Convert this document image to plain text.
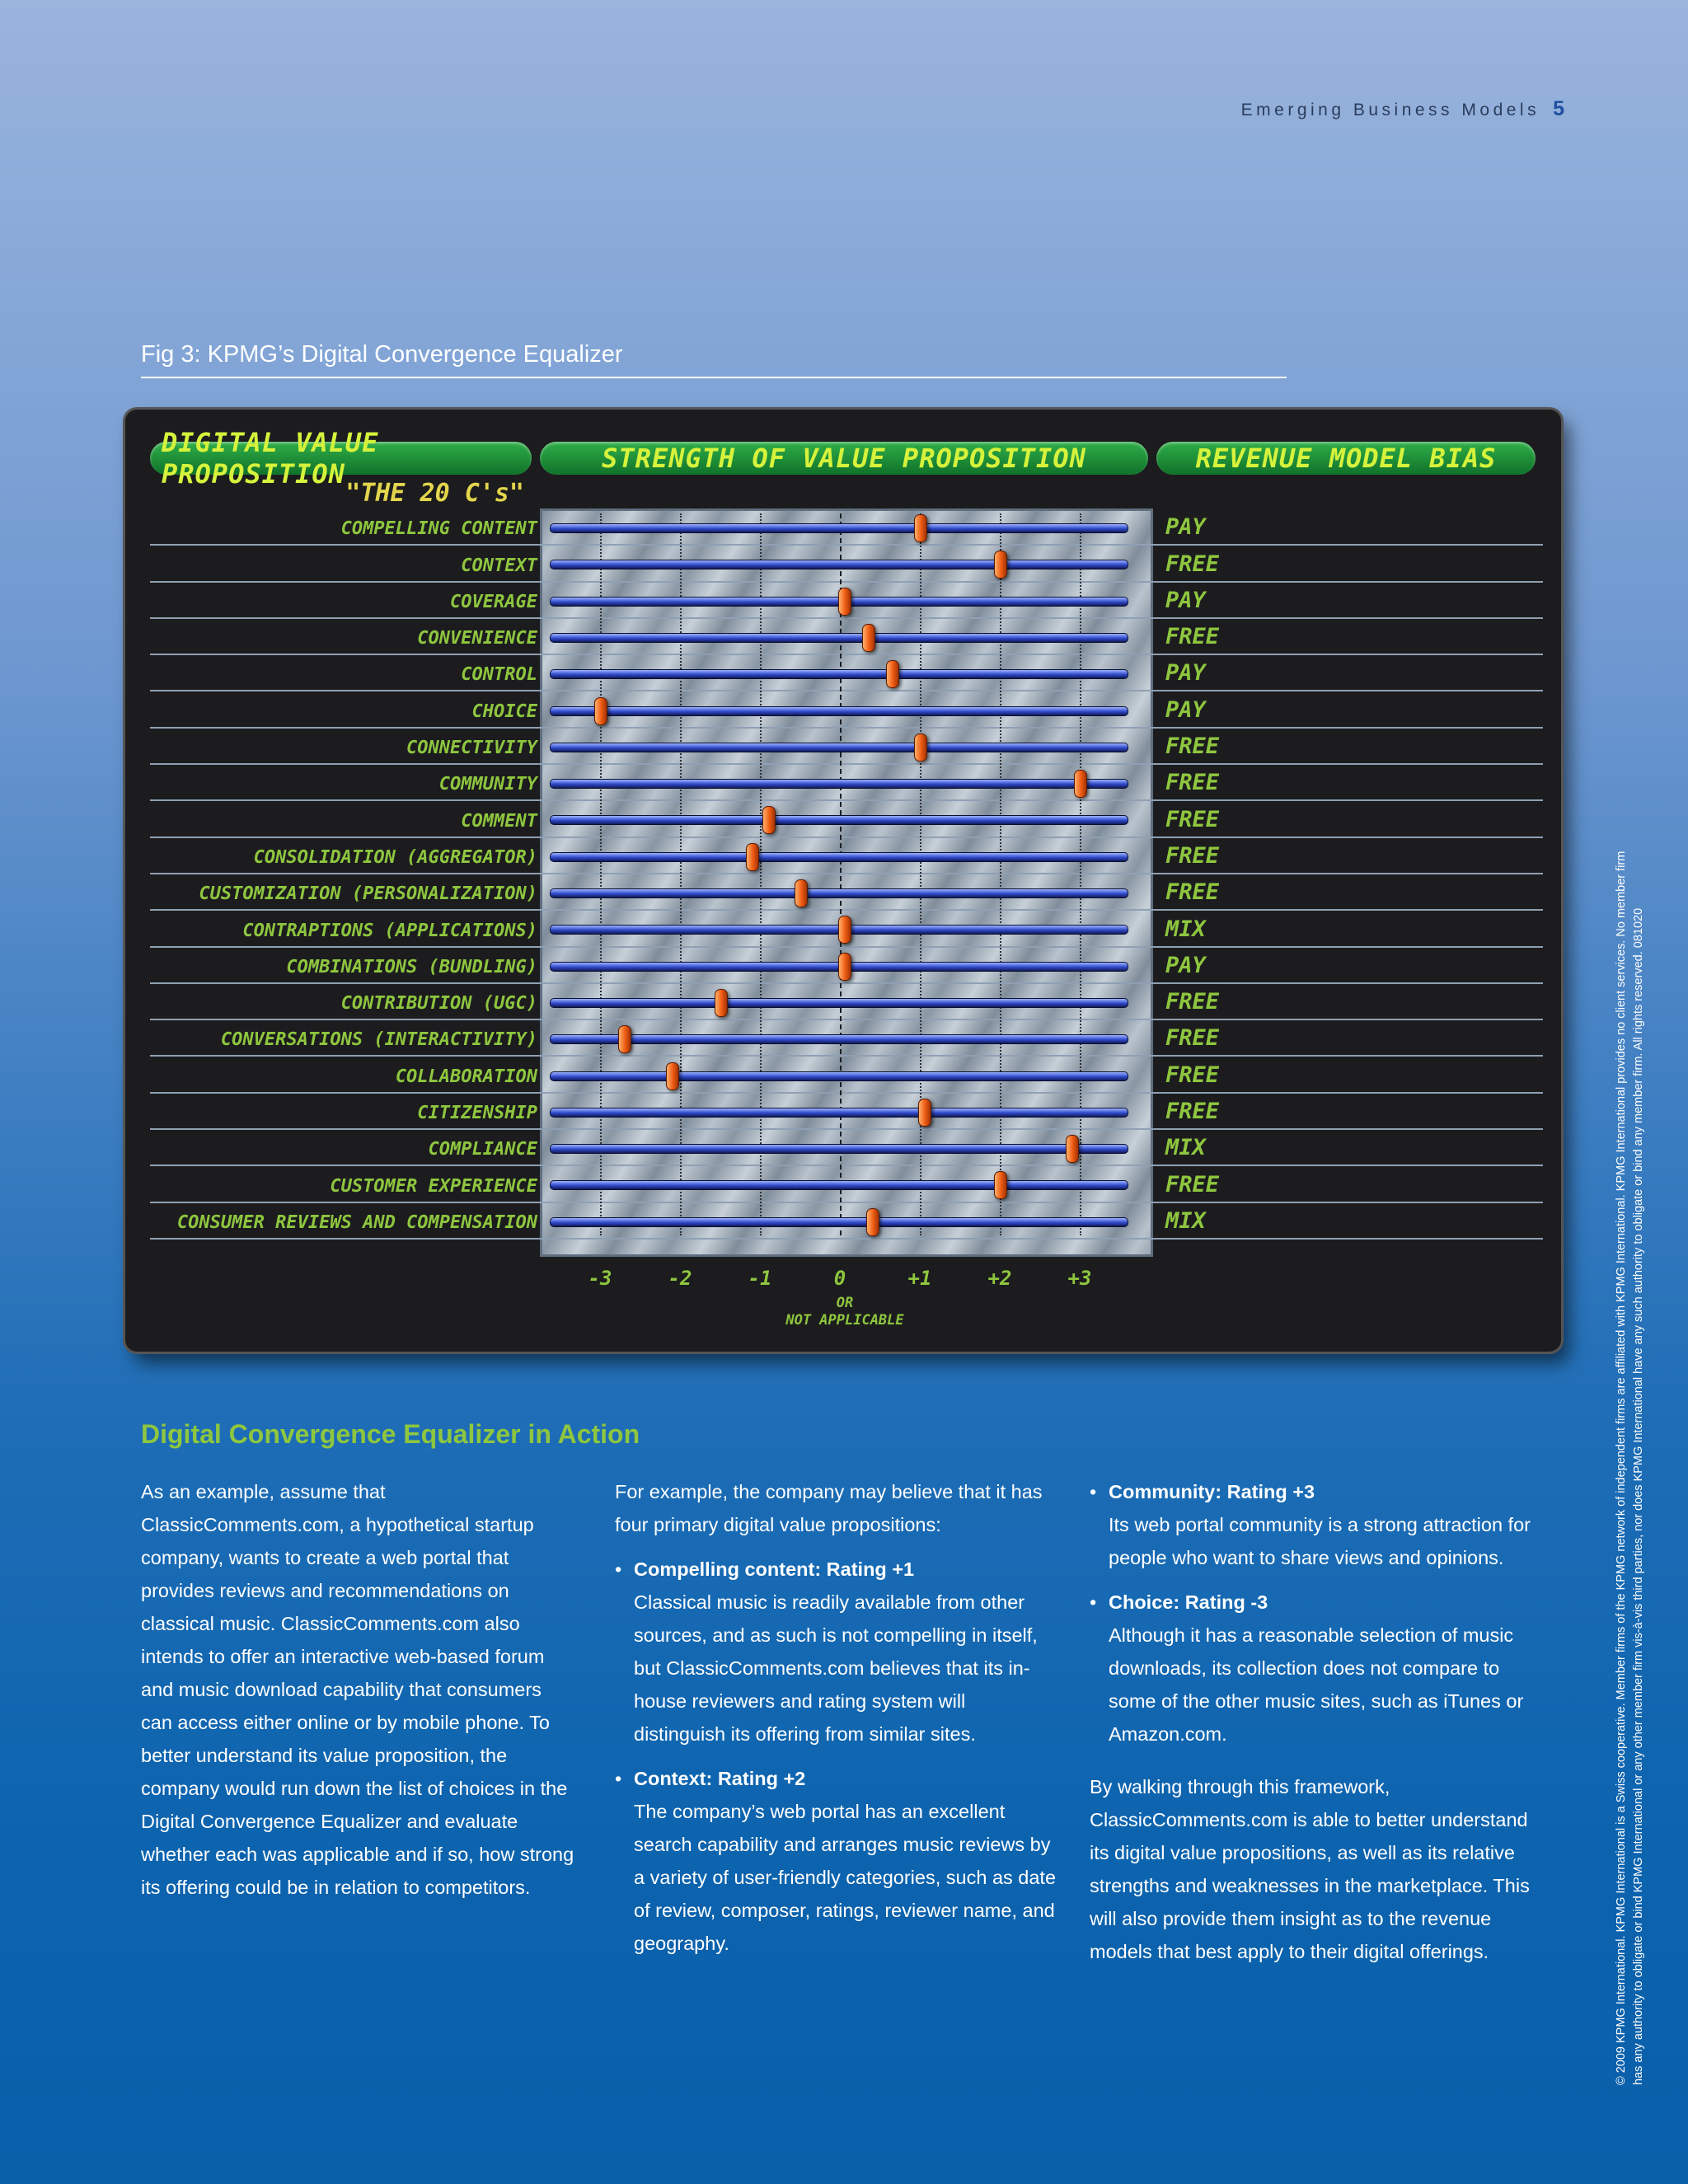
Emerging Business Models 5
Fig 3: KPMG’s Digital Convergence Equalizer
DIGITAL VALUE PROPOSITION	STRENGTH OF VALUE PROPOSITION	REVENUE MODEL BIAS
"THE 20 C's"
COMPELLING CONTENT	PAY
CONTEXT	FREE
COVERAGE	PAY
CONVENIENCE	FREE
CONTROL	PAY
CHOICE	PAY
CONNECTIVITY	FREE
COMMUNITY	FREE
COMMENT	FREE
CONSOLIDATION (AGGREGATOR)	FREE
CUSTOMIZATION (PERSONALIZATION)	FREE
CONTRAPTIONS (APPLICATIONS)	MIX
COMBINATIONS (BUNDLING)	PAY
CONTRIBUTION (UGC)	FREE
CONVERSATIONS (INTERACTIVITY)	FREE
COLLABORATION	FREE
CITIZENSHIP	FREE
COMPLIANCE	MIX
CUSTOMER EXPERIENCE	FREE
CONSUMER REVIEWS AND COMPENSATION	MIX
OR
NOT APPLICABLE
-3	-2	-1	0	+1	+2	+3
Digital Convergence Equalizer in Action

As an example, assume that ClassicComments.com, a hypothetical startup company, wants to create a web portal that provides reviews and recommendations on classical music. ClassicComments.com also intends to offer an interactive web-based forum and music download capability that consumers can access either online or by mobile phone. To better understand its value proposition, the company would run down the list of choices in the Digital Convergence Equalizer and evaluate whether each was applicable and if so, how strong its offering could be in relation to competitors.

For example, the company may believe that it has four primary digital value propositions:

• Compelling content: Rating +1
Classical music is readily available from other sources, and as such is not compelling in itself, but ClassicComments.com believes that its in-house reviewers and rating system will distinguish its offering from similar sites.
• Context: Rating +2
The company’s web portal has an excellent search capability and arranges music reviews by a variety of user-friendly categories, such as date of review, composer, ratings, reviewer name, and geography.
• Community: Rating +3
Its web portal community is a strong attraction for people who want to share views and opinions.
• Choice: Rating -3
Although it has a reasonable selection of music downloads, its collection does not compare to some of the other music sites, such as iTunes or Amazon.com.

By walking through this framework, ClassicComments.com is able to better understand its digital value propositions, as well as its relative strengths and weaknesses in the marketplace. This will also provide them insight as to the revenue models that best apply to their digital offerings.	© 2009 KPMG International. KPMG International is a Swiss cooperative. Member firms of the KPMG network of independent firms are affiliated with KPMG International. KPMG International provides no client services. No member firm has any authority to obligate or bind KPMG International or any other member firm vis-à-vis third parties, nor does KPMG International have any such authority to obligate or bind any member firm. All rights reserved. 081020
